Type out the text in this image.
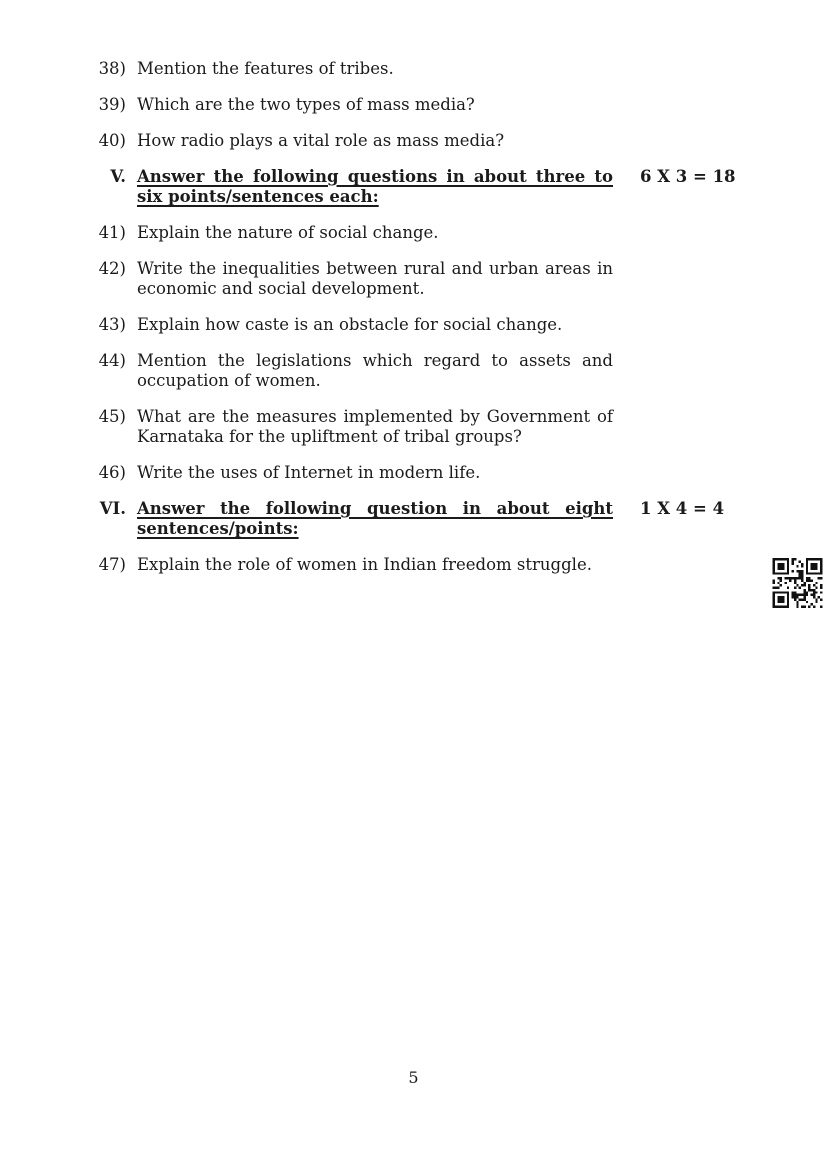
38) Mention the features of tribes.

39) Which are the two types of mass media?

40) How radio plays a vital role as mass media?

V. Answer the following questions in about three to six points/sentences each:
6 X 3 = 18
41) Explain the nature of social change.

42) Write the inequalities between rural and urban areas in economic and social development.

43) Explain how caste is an obstacle for social change.

44) Mention the legislations which regard to assets and occupation of women.

45) What are the measures implemented by Government of Karnataka for the upliftment of tribal groups?

46) Write the uses of Internet in modern life.

VI. Answer the following question in about eight sentences/points:
1 X 4 = 4
47) Explain the role of women in Indian freedom struggle.

5
